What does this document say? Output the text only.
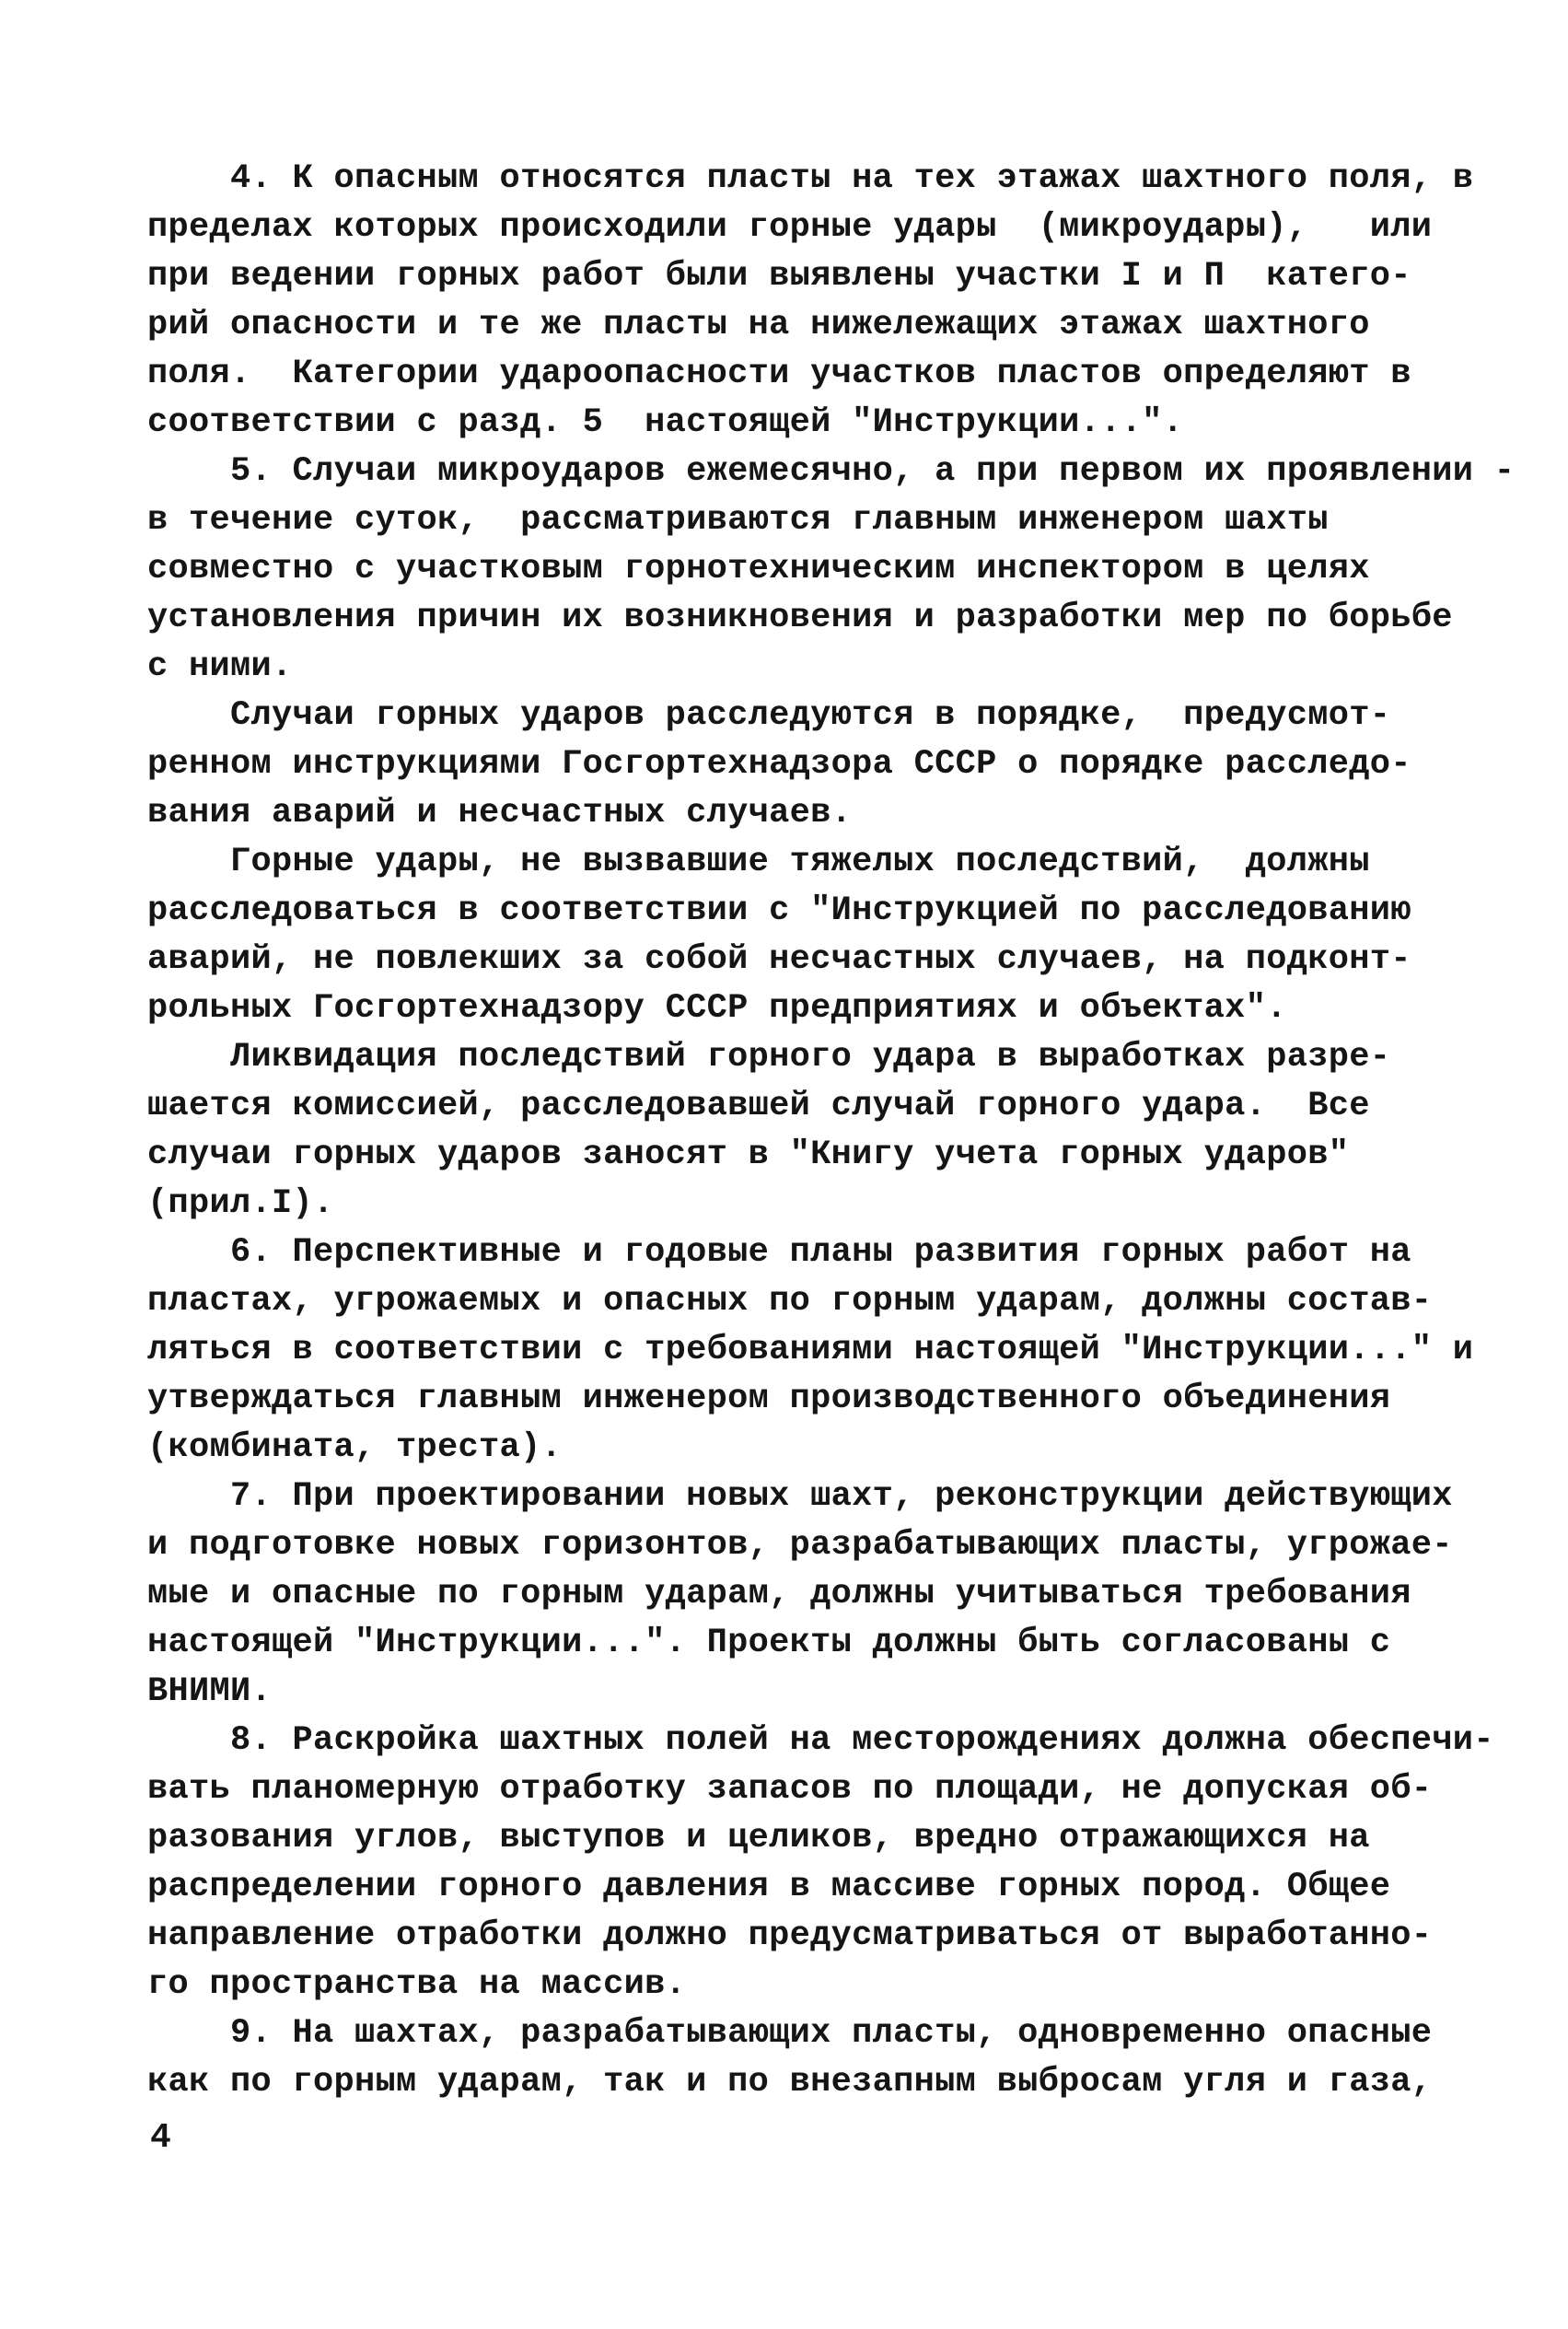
4. К опасным относятся пласты на тех этажах шахтного поля, в
пределах которых происходили горные удары  (микроудары),   или
при ведении горных работ были выявлены участки I и П  катего-
рий опасности и те же пласты на нижележащих этажах шахтного
поля.  Категории удароопасности участков пластов определяют в
соответствии с разд. 5  настоящей "Инструкции...".
5. Случаи микроударов ежемесячно, а при первом их проявлении -
в течение суток,  рассматриваются главным инженером шахты
совместно с участковым горнотехническим инспектором в целях
установления причин их возникновения и разработки мер по борьбе
с ними.
Случаи горных ударов расследуются в порядке,  предусмот-
ренном инструкциями Госгортехнадзора СССР о порядке расследо-
вания аварий и несчастных случаев.
Горные удары, не вызвавшие тяжелых последствий,  должны
расследоваться в соответствии с "Инструкцией по расследованию
аварий, не повлекших за собой несчастных случаев, на подконт-
рольных Госгортехнадзору СССР предприятиях и объектах".
Ликвидация последствий горного удара в выработках разре-
шается комиссией, расследовавшей случай горного удара.  Все
случаи горных ударов заносят в "Книгу учета горных ударов"
(прил.I).
6. Перспективные и годовые планы развития горных работ на
пластах, угрожаемых и опасных по горным ударам, должны состав-
ляться в соответствии с требованиями настоящей "Инструкции..." и
утверждаться главным инженером производственного объединения
(комбината, треста).
7. При проектировании новых шахт, реконструкции действующих
и подготовке новых горизонтов, разрабатывающих пласты, угрожае-
мые и опасные по горным ударам, должны учитываться требования
настоящей "Инструкции...". Проекты должны быть согласованы с
ВНИМИ.
8. Раскройка шахтных полей на месторождениях должна обеспечи-
вать планомерную отработку запасов по площади, не допуская об-
разования углов, выступов и целиков, вредно отражающихся на
распределении горного давления в массиве горных пород. Общее
направление отработки должно предусматриваться от выработанно-
го пространства на массив.
9. На шахтах, разрабатывающих пласты, одновременно опасные
как по горным ударам, так и по внезапным выбросам угля и газа,
4
